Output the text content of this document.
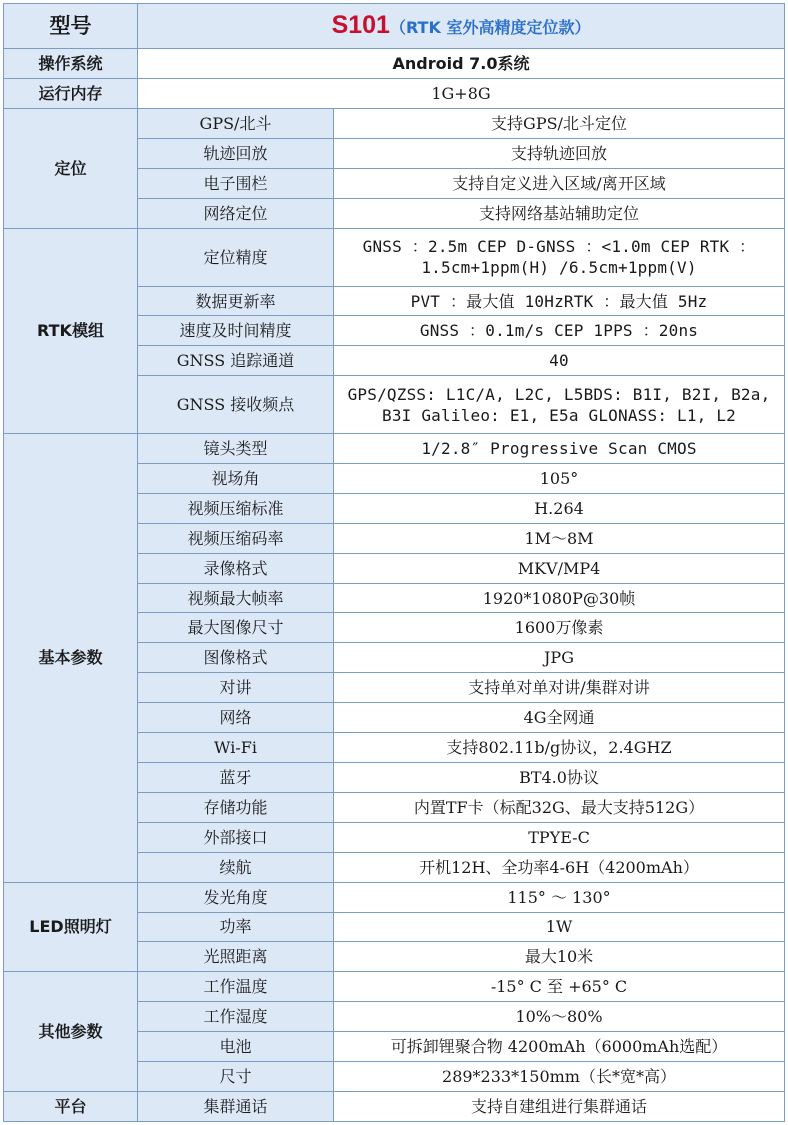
型号	S101（RTK 室外高精度定位款）	
操作系统	Android 7.0系统	
运行内存	1G+8G	
定位	GPS/北斗	支持GPS/北斗定位
	轨迹回放	支持轨迹回放
	电子围栏	支持自定义进入区域/离开区域
	网络定位	支持网络基站辅助定位
RTK模组	定位精度	GNSS ：2.5m CEP D-GNSS ：<1.0m CEP RTK ：1.5cm+1ppm(H) /6.5cm+1ppm(V)
	数据更新率	PVT ：最大值 10HzRTK ：最大值 5Hz
	速度及时间精度	GNSS ：0.1m/s CEP 1PPS ：20ns
	GNSS 追踪通道	40
	GNSS 接收频点	GPS/QZSS: L1C/A, L2C, L5BDS: B1I, B2I, B2a, B3I Galileo: E1, E5a GLONASS: L1, L2
基本参数	镜头类型	1/2.8″ Progressive Scan CMOS
	视场角	105°
	视频压缩标准	H.264
	视频压缩码率	1M～8M
	录像格式	MKV/MP4
	视频最大帧率	1920*1080P@30帧
	最大图像尺寸	1600万像素
	图像格式	JPG
	对讲	支持单对单对讲/集群对讲
	网络	4G全网通
	Wi-Fi	支持802.11b/g协议，2.4GHZ
	蓝牙	BT4.0协议
	存储功能	内置TF卡（标配32G、最大支持512G）
	外部接口	TPYE-C
	续航	开机12H、全功率4-6H（4200mAh）
LED照明灯	发光角度	115° ～ 130°
	功率	1W
	光照距离	最大10米
其他参数	工作温度	-15° C 至 +65° C
	工作湿度	10%～80%
	电池	可拆卸锂聚合物 4200mAh（6000mAh选配）
	尺寸	289*233*150mm（长*宽*高）
平台	集群通话	支持自建组进行集群通话
